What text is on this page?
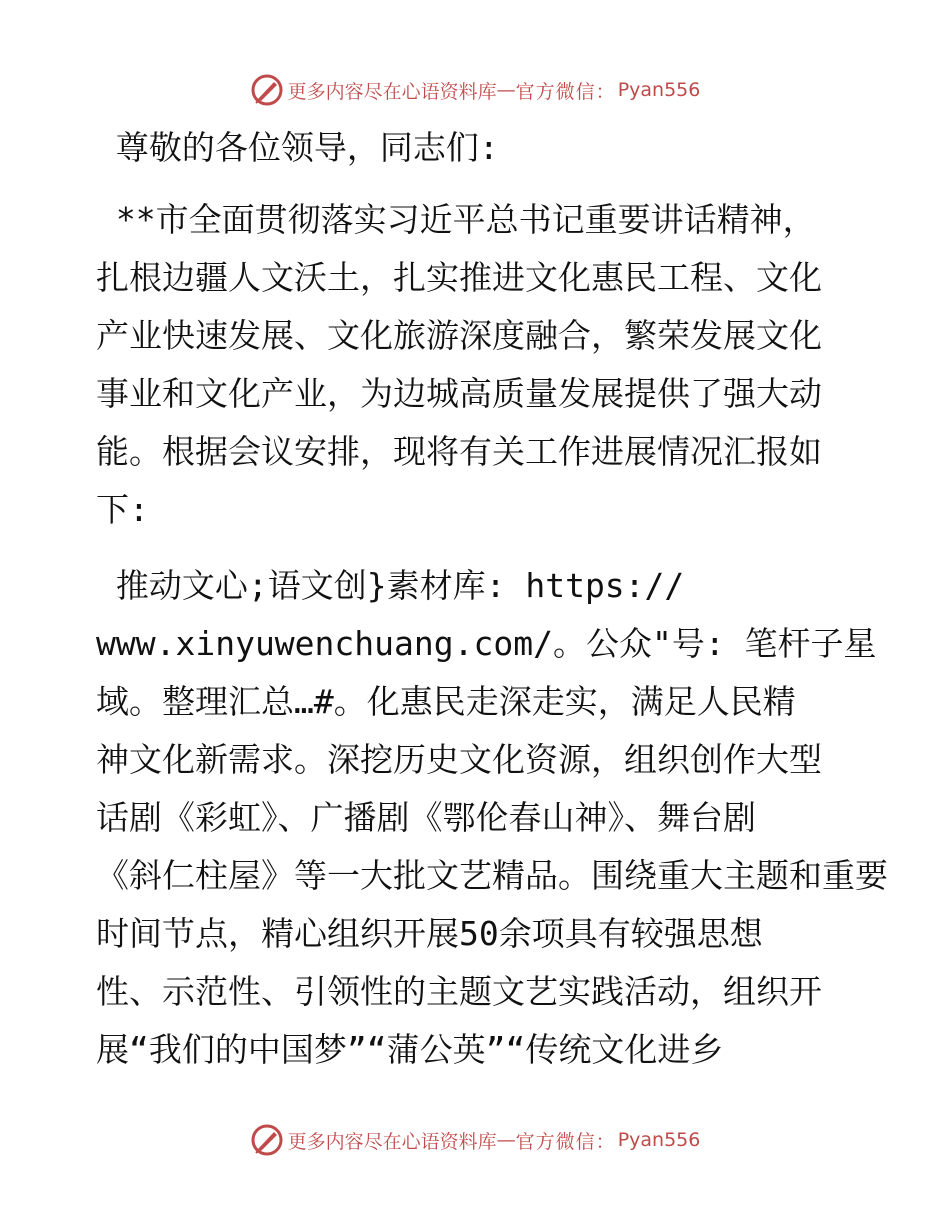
更多内容尽在心语资料库 — 官方微信： Pyan556
尊敬的各位领导，同志们:
**市全面贯彻落实习近平总书记重要讲话精神，
扎根边疆人文沃土，扎实推进文化惠民工程、文化
产业快速发展、文化旅游深度融合，繁荣发展文化
事业和文化产业，为边城高质量发展提供了强大动
能。根据会议安排，现将有关工作进展情况汇报如
下:
推动文心;语文创}素材库: https://
www.xinyuwenchuang.com/。公众"号: 笔杆子星
域。整理汇总…#。化惠民走深走实，满足人民精
神文化新需求。深挖历史文化资源，组织创作大型
话剧《彩虹》、广播剧《鄂伦春山神》、舞台剧
《斜仁柱屋》等一大批文艺精品。围绕重大主题和重要
时间节点，精心组织开展50余项具有较强思想
性、示范性、引领性的主题文艺实践活动，组织开
展“我们的中国梦”“蒲公英”“传统文化进乡
更多内容尽在心语资料库 — 官方微信： Pyan556
